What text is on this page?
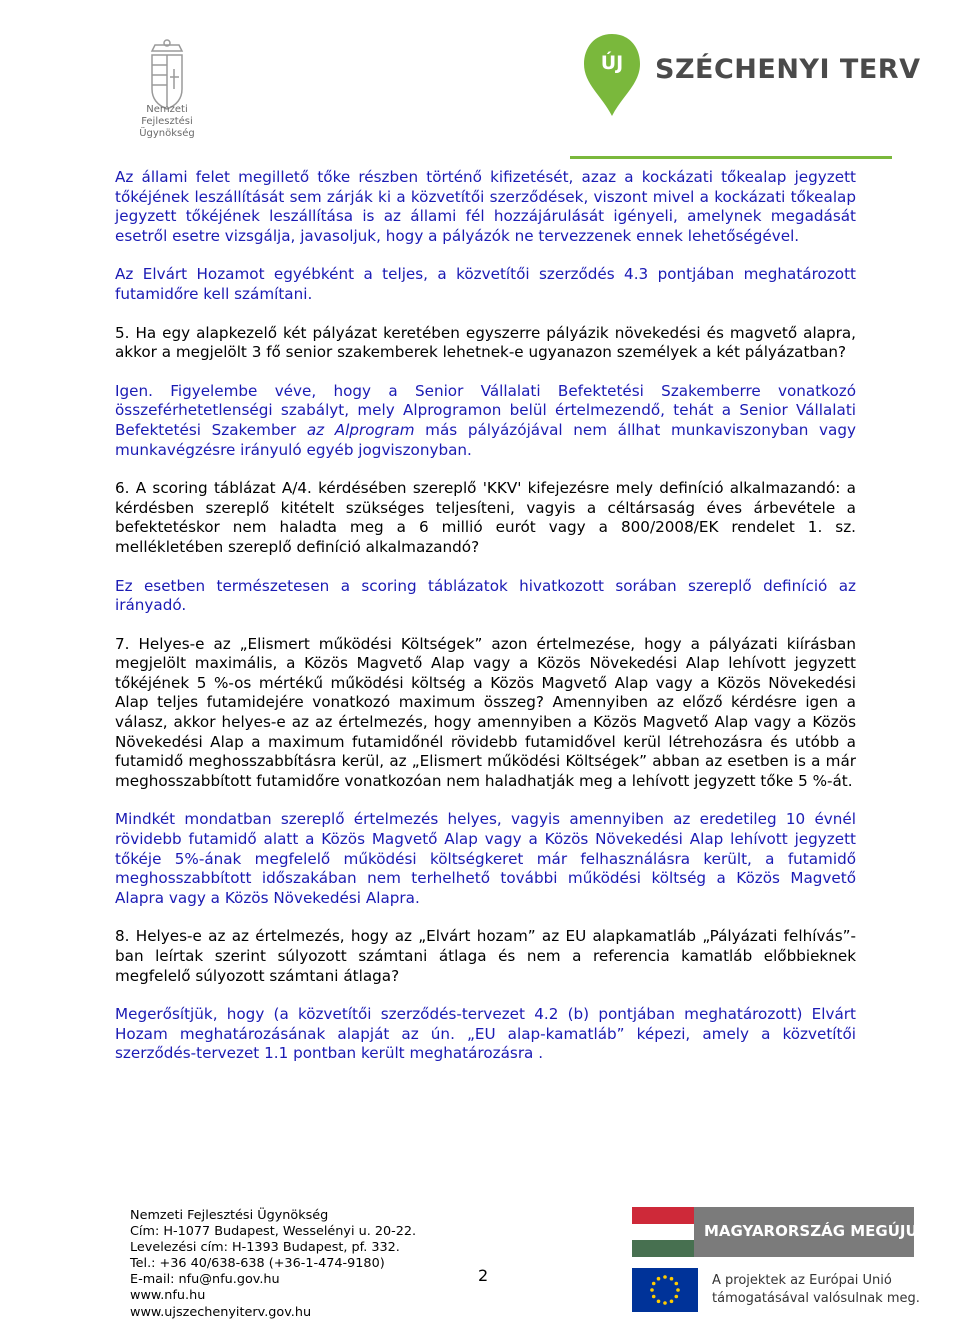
Nemzeti
Fejlesztési Ügynökség
ÚJ SZÉCHENYI TERV

Az állami felet megillető tőke részben történő kifizetését, azaz a kockázati tőkealap jegyzett tőkéjének leszállítását sem zárják ki a közvetítői szerződések, viszont mivel a kockázati tőkealap jegyzett tőkéjének leszállítása is az állami fél hozzájárulását igényeli, amelynek megadását esetről esetre vizsgálja, javasoljuk, hogy a pályázók ne tervezzenek ennek lehetőségével.

Az Elvárt Hozamot egyébként a teljes, a közvetítői szerződés 4.3 pontjában meghatározott futamidőre kell számítani.

5. Ha egy alapkezelő két pályázat keretében egyszerre pályázik növekedési és magvető alapra, akkor a megjelölt 3 fő senior szakemberek lehetnek-e ugyanazon személyek a két pályázatban?

Igen. Figyelembe véve, hogy a Senior Vállalati Befektetési Szakemberre vonatkozó összeférhetetlenségi szabályt, mely Alprogramon belül értelmezendő, tehát a Senior Vállalati Befektetési Szakember az Alprogram más pályázójával nem állhat munkaviszonyban vagy munkavégzésre irányuló egyéb jogviszonyban.

6. A scoring táblázat A/4. kérdésében szereplő 'KKV' kifejezésre mely definíció alkalmazandó: a kérdésben szereplő kitételt szükséges teljesíteni, vagyis a céltársaság éves árbevétele a befektetéskor nem haladta meg a 6 millió eurót vagy a 800/2008/EK rendelet 1. sz. mellékletében szereplő definíció alkalmazandó?

Ez esetben természetesen a scoring táblázatok hivatkozott sorában szereplő definíció az irányadó.

7. Helyes-e az „Elismert működési Költségek” azon értelmezése, hogy a pályázati kiírásban megjelölt maximális, a Közös Magvető Alap vagy a Közös Növekedési Alap lehívott jegyzett tőkéjének 5 %-os mértékű működési költség a Közös Magvető Alap vagy a Közös Növekedési Alap teljes futamidejére vonatkozó maximum összeg? Amennyiben az előző kérdésre igen a válasz, akkor helyes-e az az értelmezés, hogy amennyiben a Közös Magvető Alap vagy a Közös Növekedési Alap a maximum futamidőnél rövidebb futamidővel kerül létrehozásra és utóbb a futamidő meghosszabbításra kerül, az „Elismert működési Költségek” abban az esetben is a már meghosszabbított futamidőre vonatkozóan nem haladhatják meg a lehívott jegyzett tőke 5 %-át.

Mindkét mondatban szereplő értelmezés helyes, vagyis amennyiben az eredetileg 10 évnél rövidebb futamidő alatt a Közös Magvető Alap vagy a Közös Növekedési Alap lehívott jegyzett tőkéje 5%-ának megfelelő működési költségkeret már felhasználásra került, a futamidő meghosszabbított időszakában nem terhelhető további működési költség a Közös Magvető Alapra vagy a Közös Növekedési Alapra.

8. Helyes-e az az értelmezés, hogy az „Elvárt hozam” az EU alapkamatláb „Pályázati felhívás”-ban leírtak szerint súlyozott számtani átlaga és nem a referencia kamatláb előbbieknek megfelelő súlyozott számtani átlaga?

Megerősítjük, hogy (a közvetítői szerződés-tervezet 4.2 (b) pontjában meghatározott) Elvárt Hozam meghatározásának alapját az ún. „EU alap-kamatláb” képezi, amely a közvetítői szerződés-tervezet 1.1 pontban került meghatározásra .

Nemzeti Fejlesztési Ügynökség
Cím: H-1077 Budapest, Wesselényi u. 20-22.
Levelezési cím: H-1393 Budapest, pf. 332.
Tel.: +36 40/638-638 (+36-1-474-9180)
E-mail: nfu@nfu.gov.hu
www.nfu.hu
www.ujszechenyiterv.gov.hu
2
MAGYARORSZÁG MEGÚJUL
A projektek az Európai Unió
támogatásával valósulnak meg.
